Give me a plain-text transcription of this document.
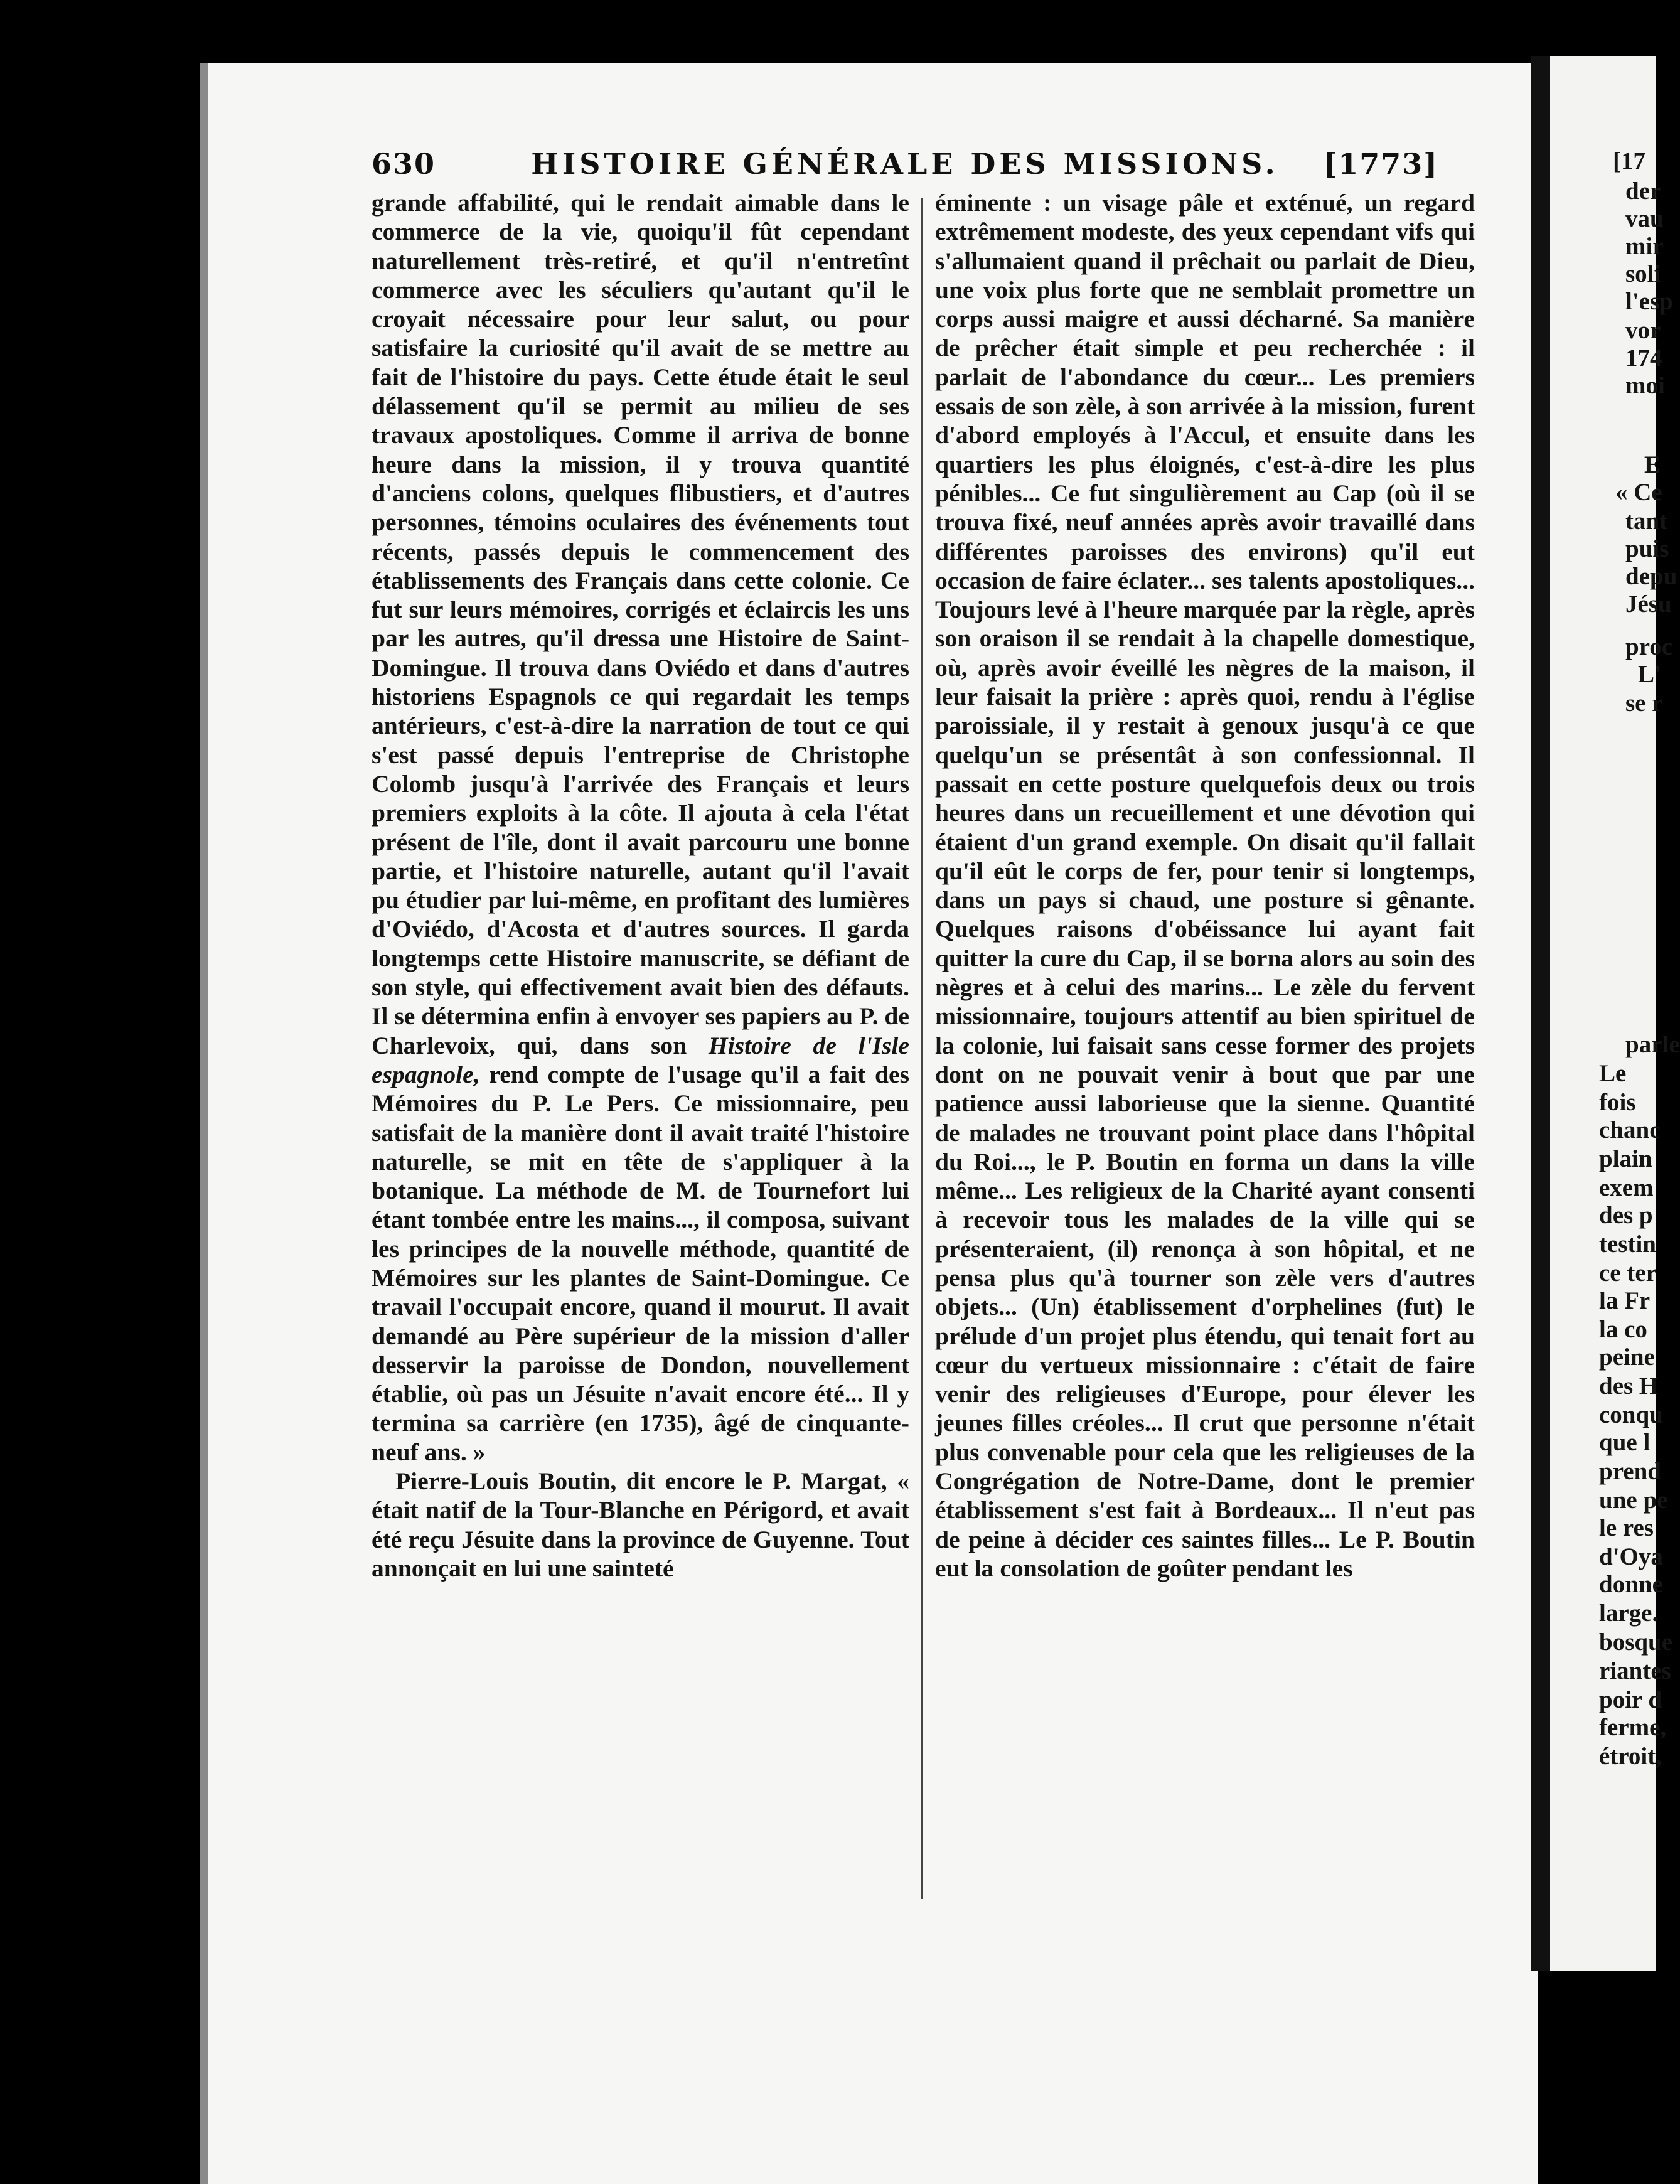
630	HISTOIRE GÉNÉRALE DES MISSIONS.	[1773]

grande affabilité, qui le rendait aimable dans le commerce de la vie, quoiqu'il fût cependant naturellement très-retiré, et qu'il n'entretînt commerce avec les séculiers qu'autant qu'il le croyait nécessaire pour leur salut, ou pour satisfaire la curiosité qu'il avait de se mettre au fait de l'histoire du pays. Cette étude était le seul délassement qu'il se permit au milieu de ses travaux apostoliques. Comme il arriva de bonne heure dans la mission, il y trouva quantité d'anciens colons, quelques flibustiers, et d'autres personnes, témoins oculaires des événements tout récents, passés depuis le commencement des établissements des Français dans cette colonie. Ce fut sur leurs mémoires, corrigés et éclaircis les uns par les autres, qu'il dressa une Histoire de Saint-Domingue. Il trouva dans Oviédo et dans d'autres historiens Espagnols ce qui regardait les temps antérieurs, c'est-à-dire la narration de tout ce qui s'est passé depuis l'entreprise de Christophe Colomb jusqu'à l'arrivée des Français et leurs premiers exploits à la côte. Il ajouta à cela l'état présent de l'île, dont il avait parcouru une bonne partie, et l'histoire naturelle, autant qu'il l'avait pu étudier par lui-même, en profitant des lumières d'Oviédo, d'Acosta et d'autres sources. Il garda longtemps cette Histoire manuscrite, se défiant de son style, qui effectivement avait bien des défauts. Il se détermina enfin à envoyer ses papiers au P. de Charlevoix, qui, dans son Histoire de l'Isle espagnole, rend compte de l'usage qu'il a fait des Mémoires du P. Le Pers. Ce missionnaire, peu satisfait de la manière dont il avait traité l'histoire naturelle, se mit en tête de s'appliquer à la botanique. La méthode de M. de Tournefort lui étant tombée entre les mains..., il composa, suivant les principes de la nouvelle méthode, quantité de Mémoires sur les plantes de Saint-Domingue. Ce travail l'occupait encore, quand il mourut. Il avait demandé au Père supérieur de la mission d'aller desservir la paroisse de Dondon, nouvellement établie, où pas un Jésuite n'avait encore été... Il y termina sa carrière (en 1735), âgé de cinquante-neuf ans. »

Pierre-Louis Boutin, dit encore le P. Margat, « était natif de la Tour-Blanche en Périgord, et avait été reçu Jésuite dans la province de Guyenne. Tout annonçait en lui une sainteté

éminente : un visage pâle et exténué, un regard extrêmement modeste, des yeux cependant vifs qui s'allumaient quand il prêchait ou parlait de Dieu, une voix plus forte que ne semblait promettre un corps aussi maigre et aussi décharné. Sa manière de prêcher était simple et peu recherchée : il parlait de l'abondance du cœur... Les premiers essais de son zèle, à son arrivée à la mission, furent d'abord employés à l'Accul, et ensuite dans les quartiers les plus éloignés, c'est-à-dire les plus pénibles... Ce fut singulièrement au Cap (où il se trouva fixé, neuf années après avoir travaillé dans différentes paroisses des environs) qu'il eut occasion de faire éclater... ses talents apostoliques... Toujours levé à l'heure marquée par la règle, après son oraison il se rendait à la chapelle domestique, où, après avoir éveillé les nègres de la maison, il leur faisait la prière : après quoi, rendu à l'église paroissiale, il y restait à genoux jusqu'à ce que quelqu'un se présentât à son confessionnal. Il passait en cette posture quelquefois deux ou trois heures dans un recueillement et une dévotion qui étaient d'un grand exemple. On disait qu'il fallait qu'il eût le corps de fer, pour tenir si longtemps, dans un pays si chaud, une posture si gênante. Quelques raisons d'obéissance lui ayant fait quitter la cure du Cap, il se borna alors au soin des nègres et à celui des marins... Le zèle du fervent missionnaire, toujours attentif au bien spirituel de la colonie, lui faisait sans cesse former des projets dont on ne pouvait venir à bout que par une patience aussi laborieuse que la sienne. Quantité de malades ne trouvant point place dans l'hôpital du Roi..., le P. Boutin en forma un dans la ville même... Les religieux de la Charité ayant consenti à recevoir tous les malades de la ville qui se présenteraient, (il) renonça à son hôpital, et ne pensa plus qu'à tourner son zèle vers d'autres objets... (Un) établissement d'orphelines (fut) le prélude d'un projet plus étendu, qui tenait fort au cœur du vertueux missionnaire : c'était de faire venir des religieuses d'Europe, pour élever les jeunes filles créoles... Il crut que personne n'était plus convenable pour cela que les religieuses de la Congrégation de Notre-Dame, dont le premier établissement s'est fait à Bordeaux... Il n'eut pas de peine à décider ces saintes filles... Le P. Boutin eut la consolation de goûter pendant les

[17
der
vau
mir
soli
l'esp
vor
174
moi
E
« Ce
tant
puis
depu
Jésu
proc
L'
se r
parle
Le
fois
chanc
plain
exem
des p
testin
ce ter
la Fr
la co
peine
des H
conqu
que l
prend
une pe
le res
d'Oya
donne
large.
bosque
riantes
poir d
ferme,
étroit,
